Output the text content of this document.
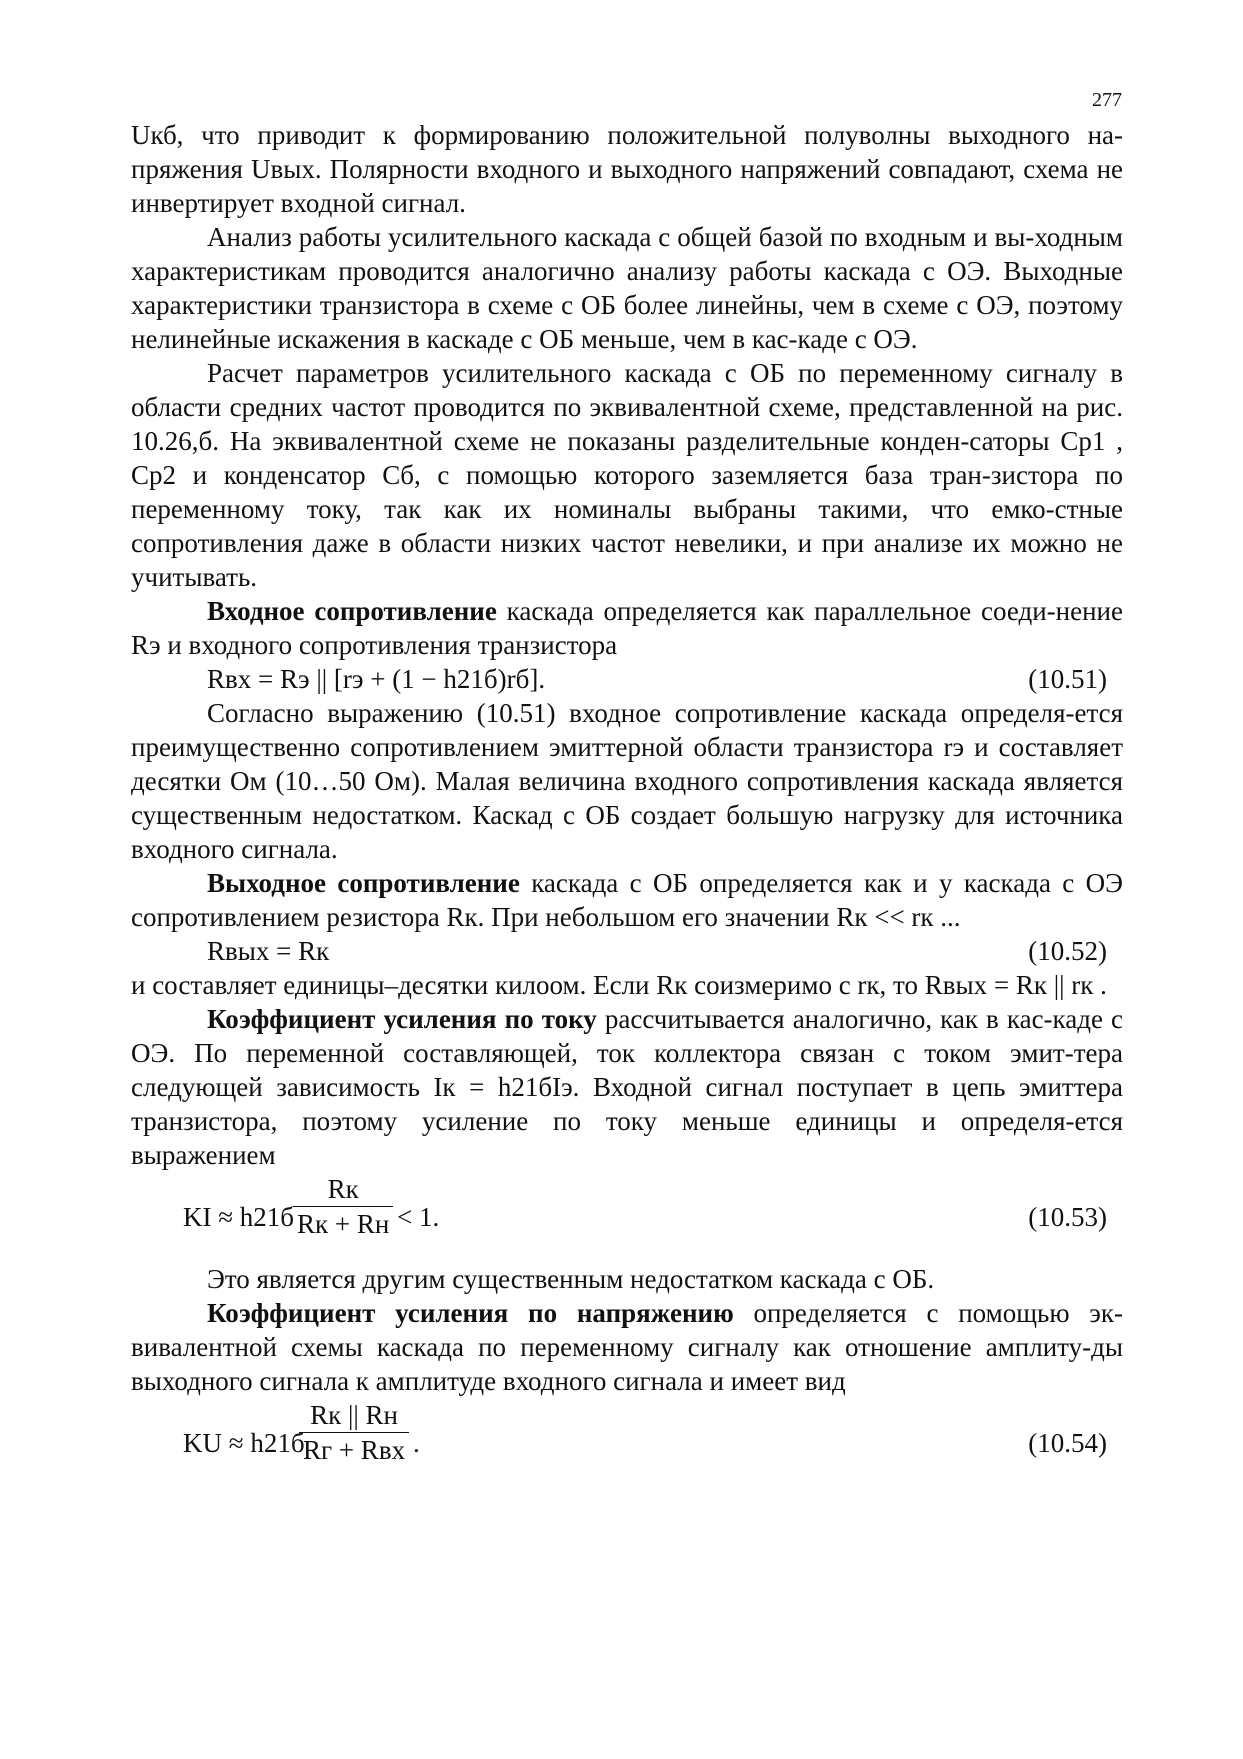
277

Uкб, что приводит к формированию положительной полуволны выходного на-пряжения Uвых. Полярности входного и выходного напряжений совпадают, схема не инвертирует входной сигнал.

Анализ работы усилительного каскада с общей базой по входным и вы-ходным характеристикам проводится аналогично анализу работы каскада с ОЭ. Выходные характеристики транзистора в схеме с ОБ более линейны, чем в схеме с ОЭ, поэтому нелинейные искажения в каскаде с ОБ меньше, чем в кас-каде с ОЭ.

Расчет параметров усилительного каскада с ОБ по переменному сигналу в области средних частот проводится по эквивалентной схеме, представленной на рис. 10.26,б. На эквивалентной схеме не показаны разделительные конден-саторы Cр1 , Cр2 и конденсатор Cб, с помощью которого заземляется база тран-зистора по переменному току, так как их номиналы выбраны такими, что емко-стные сопротивления даже в области низких частот невелики, и при анализе их можно не учитывать.

Входное сопротивление каскада определяется как параллельное соеди-нение Rэ и входного сопротивления транзистора

Rвх = Rэ || [rэ + (1 − h21б)rб].	(10.51)

Согласно выражению (10.51) входное сопротивление каскада определя-ется преимущественно сопротивлением эмиттерной области транзистора rэ и составляет десятки Ом (10…50 Ом). Малая величина входного сопротивления каскада является существенным недостатком. Каскад с ОБ создает большую нагрузку для источника входного сигнала.

Выходное сопротивление каскада с ОБ определяется как и у каскада с ОЭ сопротивлением резистора Rк. При небольшом его значении Rк << rк ...

Rвых = Rк	(10.52)

и составляет единицы–десятки килоом. Если Rк соизмеримо с rк, то Rвых = Rк || rк .

Коэффициент усиления по току рассчитывается аналогично, как в кас-каде с ОЭ. По переменной составляющей, ток коллектора связан с током эмит-тера следующей зависимость Iк = h21бIэ. Входной сигнал поступает в цепь эмиттера транзистора, поэтому усиление по току меньше единицы и определя-ется выражением

KI ≈ h21б
Rк
Rк + Rн < 1.	(10.53)

Это является другим существенным недостатком каскада с ОБ.

Коэффициент усиления по напряжению определяется с помощью эк-вивалентной схемы каскада по переменному сигналу как отношение амплиту-ды выходного сигнала к амплитуде входного сигнала и имеет вид

KU ≈ h21б
Rк || Rн
Rг + Rвх .	(10.54)
